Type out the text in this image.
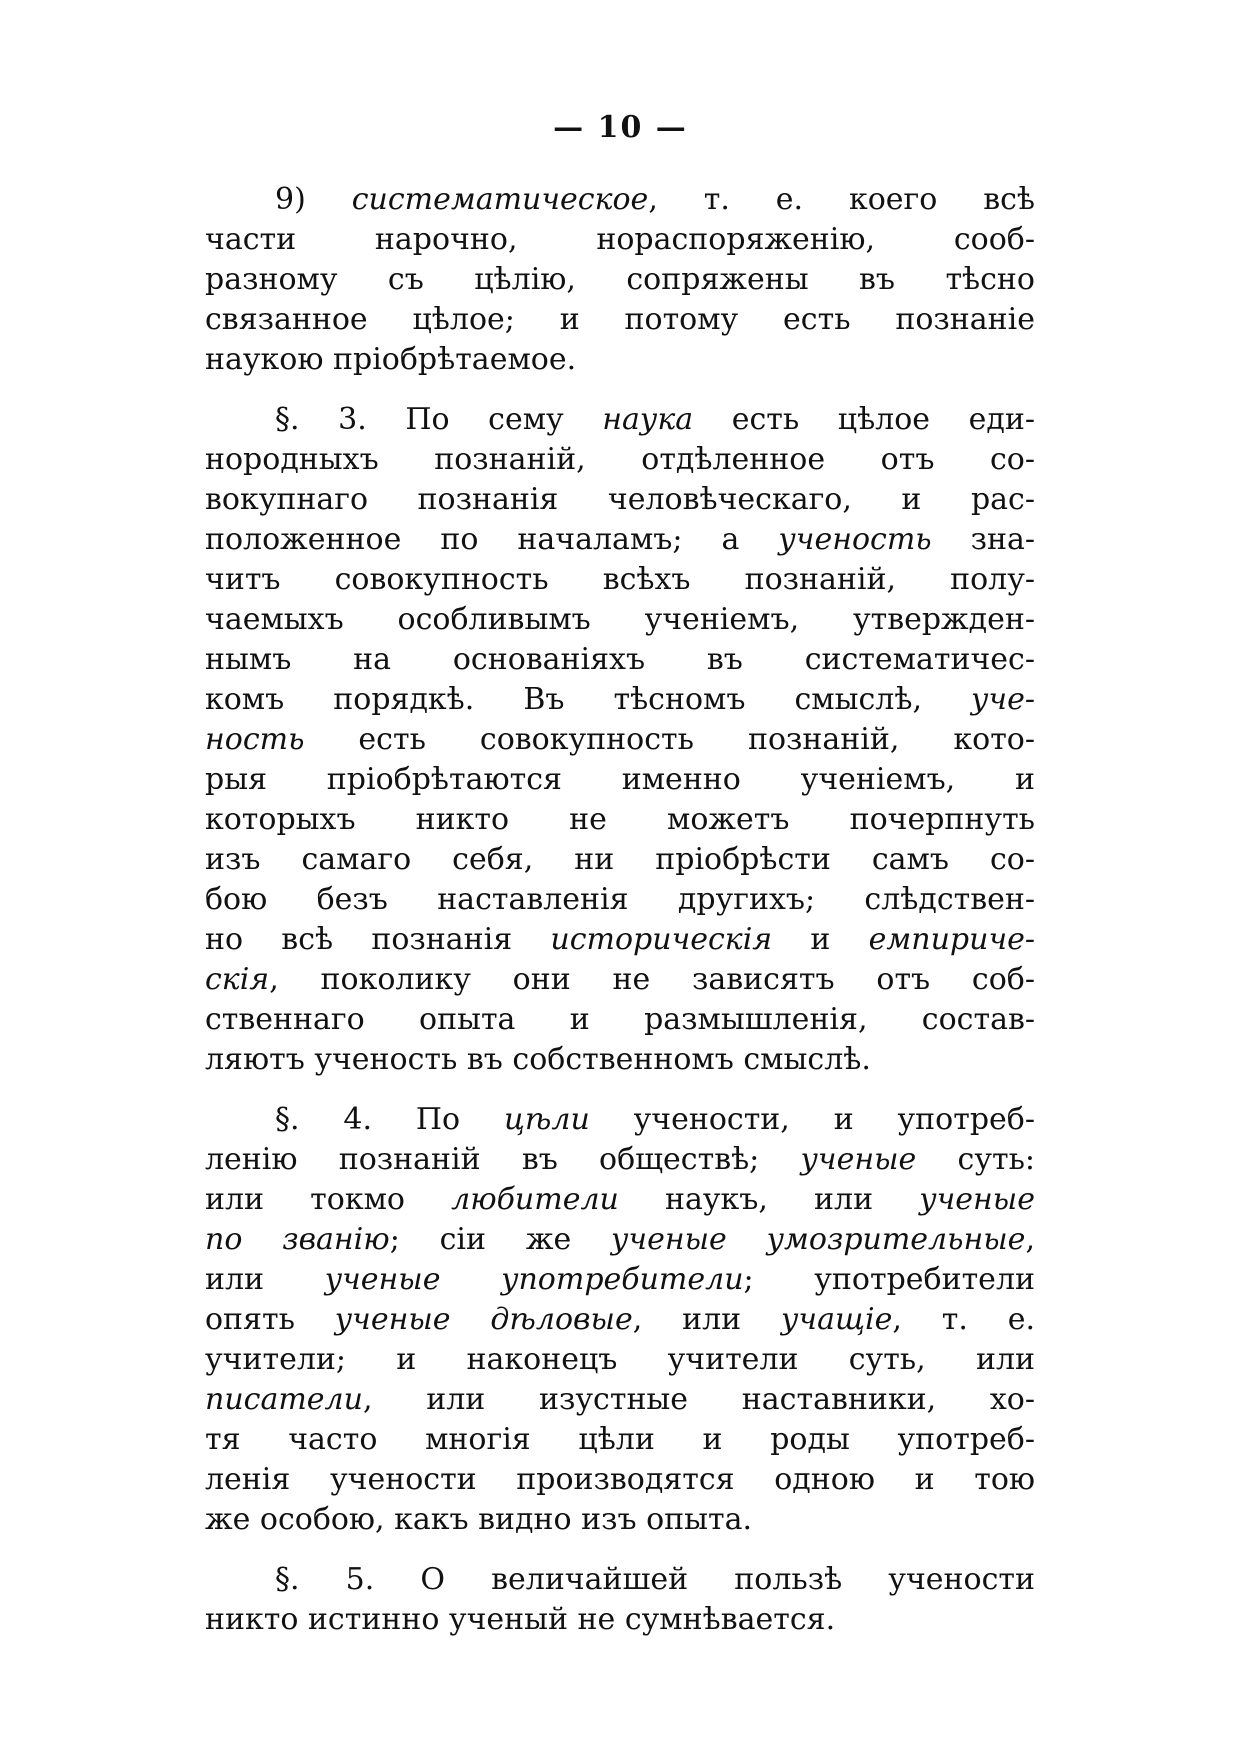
— 10 —
9) систематическое, т. е. коего всѣ
части нарочно, нораспоряженію, сооб-
разному съ цѣлію, сопряжены въ тѣсно
связанное цѣлое; и потому есть познаніе
наукою пріобрѣтаемое.
§. 3. По сему наука есть цѣлое еди-
нородныхъ познаній, отдѣленное отъ со-
вокупнаго познанія человѣческаго, и рас-
положенное по началамъ; а ученость зна-
читъ совокупность всѣхъ познаній, полу-
чаемыхъ особливымъ ученіемъ, утвержден-
нымъ на основаніяхъ въ систематичес-
комъ порядкѣ. Въ тѣсномъ смыслѣ, уче-
ность есть совокупность познаній, кото-
рыя пріобрѣтаются именно ученіемъ, и
которыхъ никто не можетъ почерпнуть
изъ самаго себя, ни пріобрѣсти самъ со-
бою безъ наставленія другихъ; слѣдствен-
но всѣ познанія историческія и емпириче-
скія, поколику они не зависятъ отъ соб-
ственнаго опыта и размышленія, состав-
ляютъ ученость въ собственномъ смыслѣ.
§. 4. По цѣли учености, и употреб-
ленію познаній въ обществѣ; ученые суть:
или токмо любители наукъ, или ученые
по званію; сіи же ученые умозрительные,
или ученые употребители; употребители
опять ученые дѣловые, или учащіе, т. е.
учители; и наконецъ учители суть, или
писатели, или изустные наставники, хо-
тя часто многія цѣли и роды употреб-
ленія учености производятся одною и тою
же особою, какъ видно изъ опыта.
§. 5. О величайшей пользѣ учености
никто истинно ученый не сумнѣвается.
